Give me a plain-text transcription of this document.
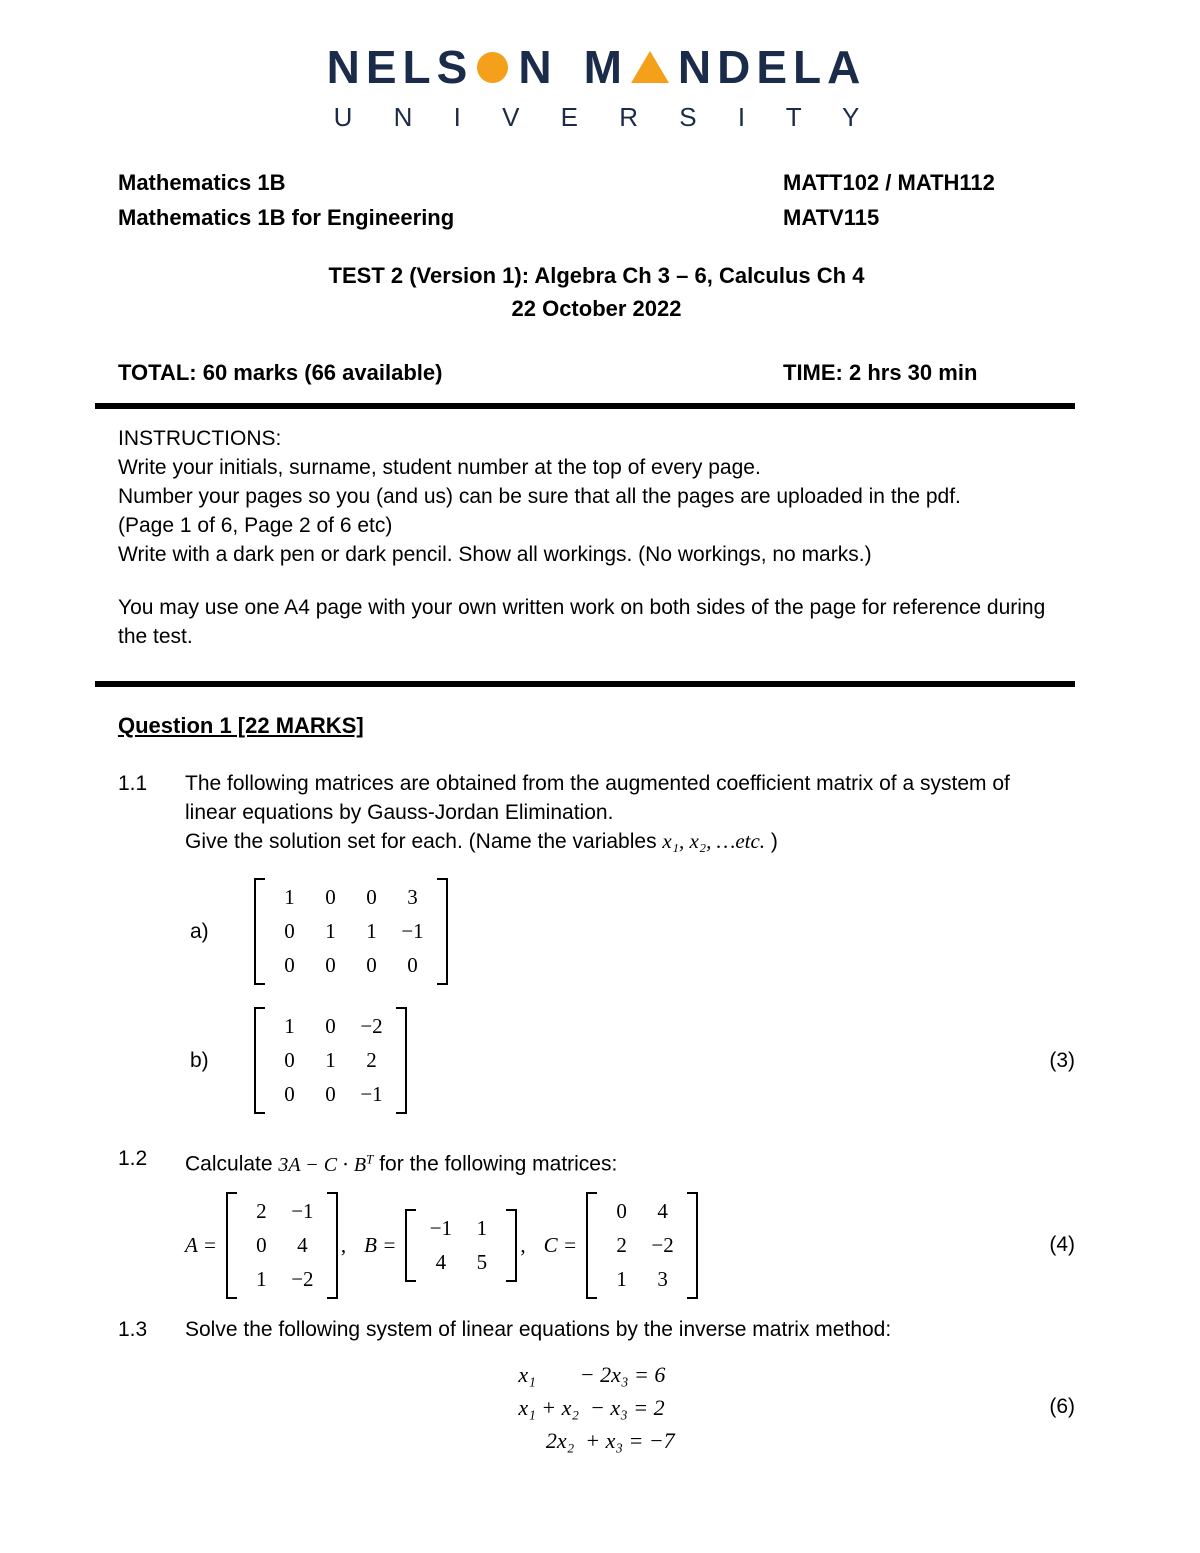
NELS N M NDELA
U N I V E R S I T Y
Mathematics 1B
Mathematics 1B for Engineering
MATT102 / MATH112
MATV115
TEST 2 (Version 1): Algebra Ch 3 – 6, Calculus Ch 4
22 October 2022
TOTAL: 60 marks (66 available)	TIME: 2 hrs 30 min
INSTRUCTIONS:
Write your initials, surname, student number at the top of every page.
Number your pages so you (and us) can be sure that all the pages are uploaded in the pdf.
(Page 1 of 6, Page 2 of 6 etc)
Write with a dark pen or dark pencil. Show all workings. (No workings, no marks.)

You may use one A4 page with your own written work on both sides of the page for reference during the test.

Question 1 [22 MARKS]
1.1	The following matrices are obtained from the augmented coefficient matrix of a system of
linear equations by Gauss-Jordan Elimination.
Give the solution set for each. (Name the variables x₁, x₂, …etc. )
a)
1	0	0	3
0	1	1	−1
0	0	0	0
b)
1	0	−2
0	1	2
0	0	−1
(3)
1.2	Calculate $3A - C \cdot B^T$ for the following matrices:
A =
2	−1
0	4
1	−2
, B =
−1	1
4	5
, C =
0	4
2	−2
1	3
(4)
1.3	Solve the following system of linear equations by the inverse matrix method:
x₁        − 2x₃ = 6
x₁ + x₂  − x₃ = 2
2x₂  + x₃ = −7
(6)
